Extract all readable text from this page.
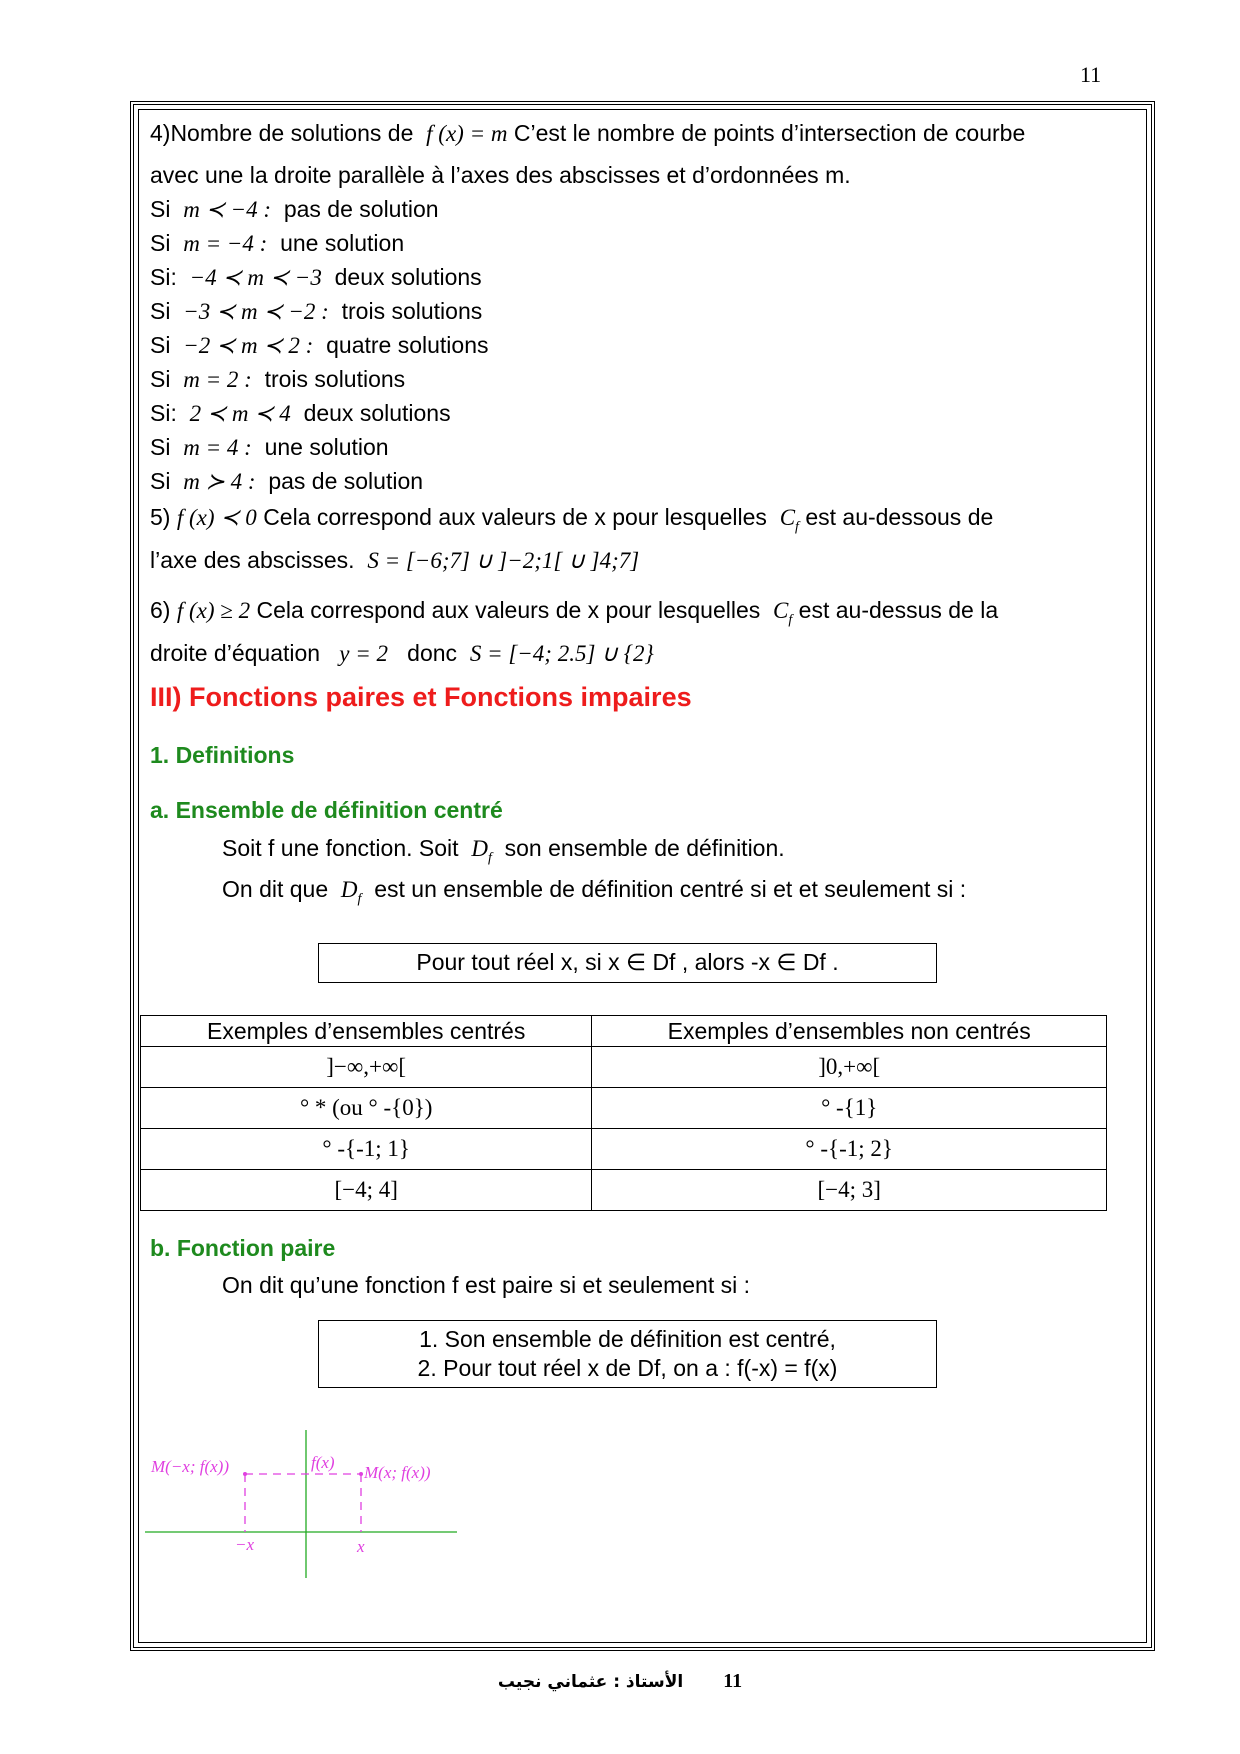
11
4)Nombre de solutions de f (x) = m C’est le nombre de points d’intersection de courbe
avec une la droite parallèle à l’axes des abscisses et d’ordonnées m.
Si m ≺ −4 : pas de solution
Si m = −4 : une solution
Si: −4 ≺ m ≺ −3 deux solutions
Si −3 ≺ m ≺ −2 : trois solutions
Si −2 ≺ m ≺ 2 : quatre solutions
Si m = 2 : trois solutions
Si: 2 ≺ m ≺ 4 deux solutions
Si m = 4 : une solution
Si m ≻ 4 : pas de solution
5) f (x) ≺ 0 Cela correspond aux valeurs de x pour lesquelles $C_f$ est au-dessous de
l’axe des abscisses. S = [−6;7] ∪ ]−2;1[ ∪ ]4;7]
6) f (x) ≥ 2 Cela correspond aux valeurs de x pour lesquelles $C_f$ est au-dessus de la
droite d’équation y = 2 donc S = [−4; 2.5] ∪ {2}
III) Fonctions paires et Fonctions impaires
1. Definitions
a. Ensemble de définition centré
Soit f une fonction. Soit $D_f$ son ensemble de définition.
On dit que $D_f$ est un ensemble de définition centré si et et seulement si :
Pour tout réel x, si x ∈ Df , alors -x ∈ Df .
Exemples d’ensembles centrés	Exemples d’ensembles non centrés
]−∞,+∞[	]0,+∞[
° * (ou ° -{0})	° -{1}
° -{-1; 1}	° -{-1; 2}
[−4; 4]	[−4; 3]
b. Fonction paire
On dit qu’une fonction f est paire si et seulement si :
1. Son ensemble de définition est centré,
2. Pour tout réel x de Df, on a : f(-x) = f(x)
M(−x; f(x))	M(x; f(x))
f(x)
−x	x
الأستاذ : عثماني نجيب 11
